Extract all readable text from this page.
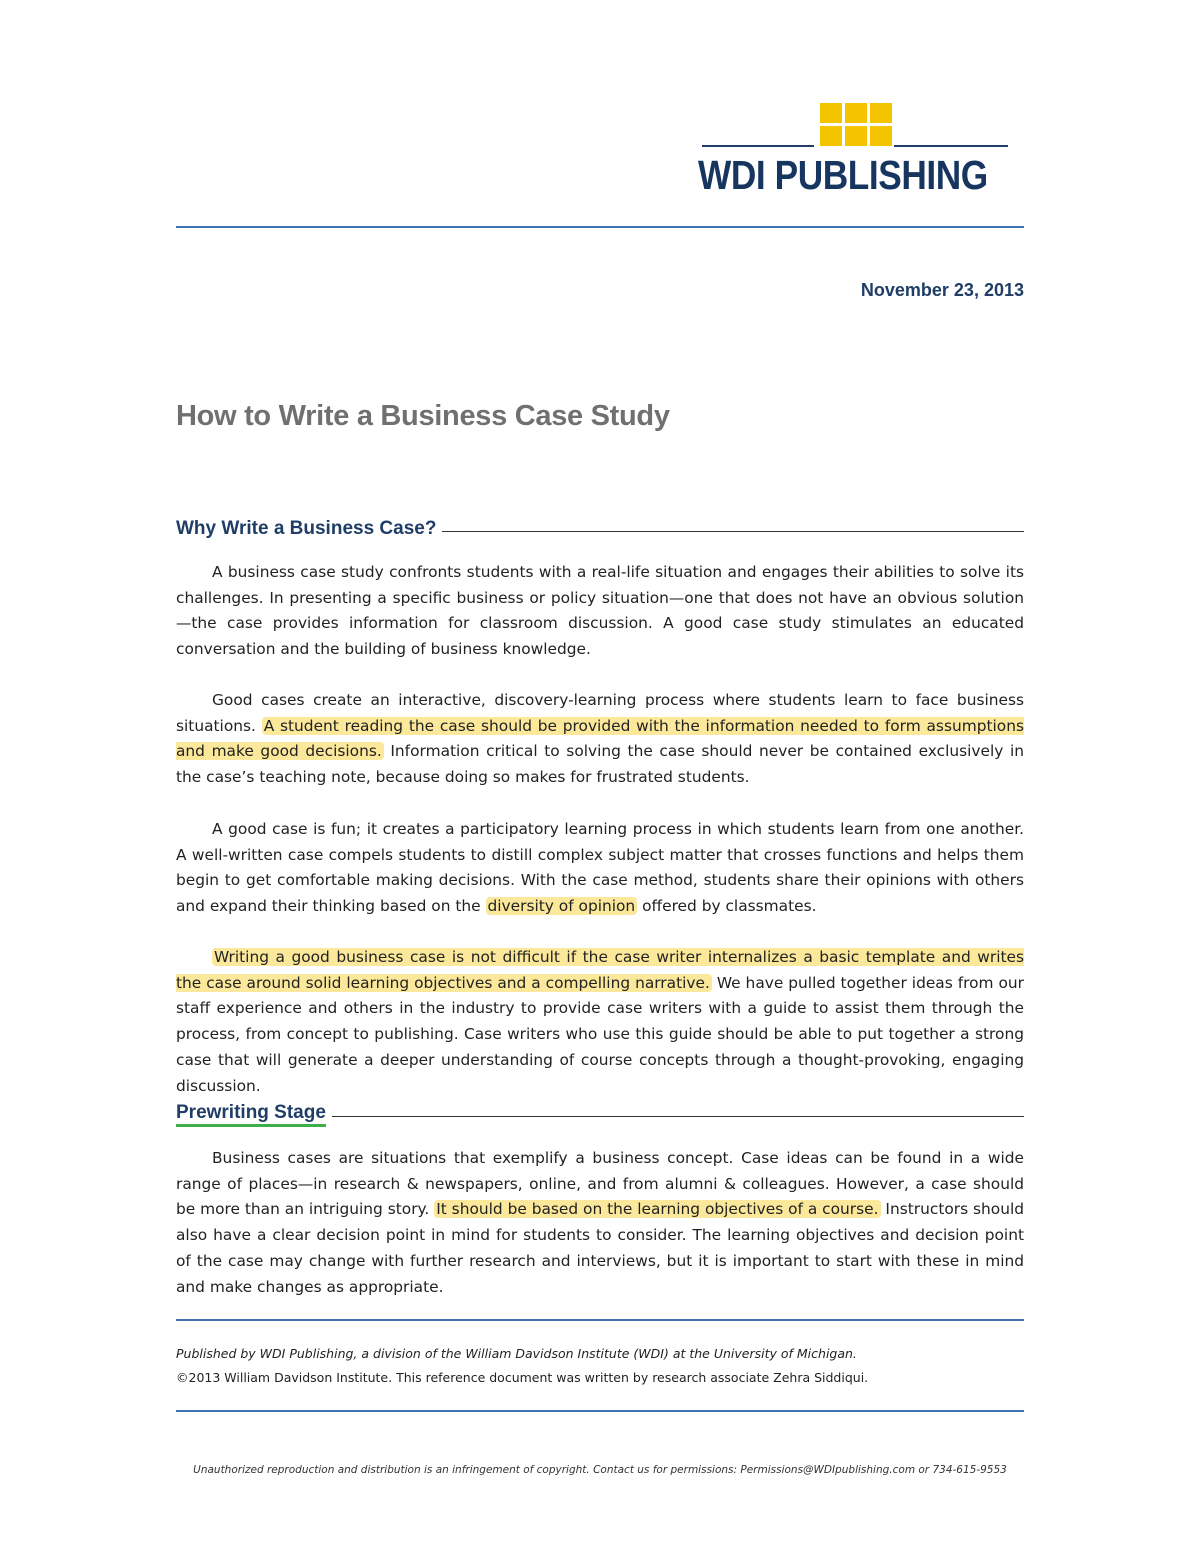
WDI PUBLISHING
November 23, 2013
How to Write a Business Case Study
Why Write a Business Case?

A business case study confronts students with a real-life situation and engages their abilities to solve its challenges. In presenting a specific business or policy situation—one that does not have an obvious solution—the case provides information for classroom discussion. A good case study stimulates an educated conversation and the building of business knowledge.

Good cases create an interactive, discovery-learning process where students learn to face business situations. A student reading the case should be provided with the information needed to form assumptions and make good decisions. Information critical to solving the case should never be contained exclusively in the case’s teaching note, because doing so makes for frustrated students.

A good case is fun; it creates a participatory learning process in which students learn from one another. A well-written case compels students to distill complex subject matter that crosses functions and helps them begin to get comfortable making decisions. With the case method, students share their opinions with others and expand their thinking based on the diversity of opinion offered by classmates.

Writing a good business case is not difficult if the case writer internalizes a basic template and writes the case around solid learning objectives and a compelling narrative. We have pulled together ideas from our staff experience and others in the industry to provide case writers with a guide to assist them through the process, from concept to publishing. Case writers who use this guide should be able to put together a strong case that will generate a deeper understanding of course concepts through a thought-provoking, engaging discussion.

Prewriting Stage

Business cases are situations that exemplify a business concept. Case ideas can be found in a wide range of places—in research & newspapers, online, and from alumni & colleagues. However, a case should be more than an intriguing story. It should be based on the learning objectives of a course. Instructors should also have a clear decision point in mind for students to consider. The learning objectives and decision point of the case may change with further research and interviews, but it is important to start with these in mind and make changes as appropriate.

Published by WDI Publishing, a division of the William Davidson Institute (WDI) at the University of Michigan.
©2013 William Davidson Institute. This reference document was written by research associate Zehra Siddiqui.
Unauthorized reproduction and distribution is an infringement of copyright. Contact us for permissions: Permissions@WDIpublishing.com or 734-615-9553
